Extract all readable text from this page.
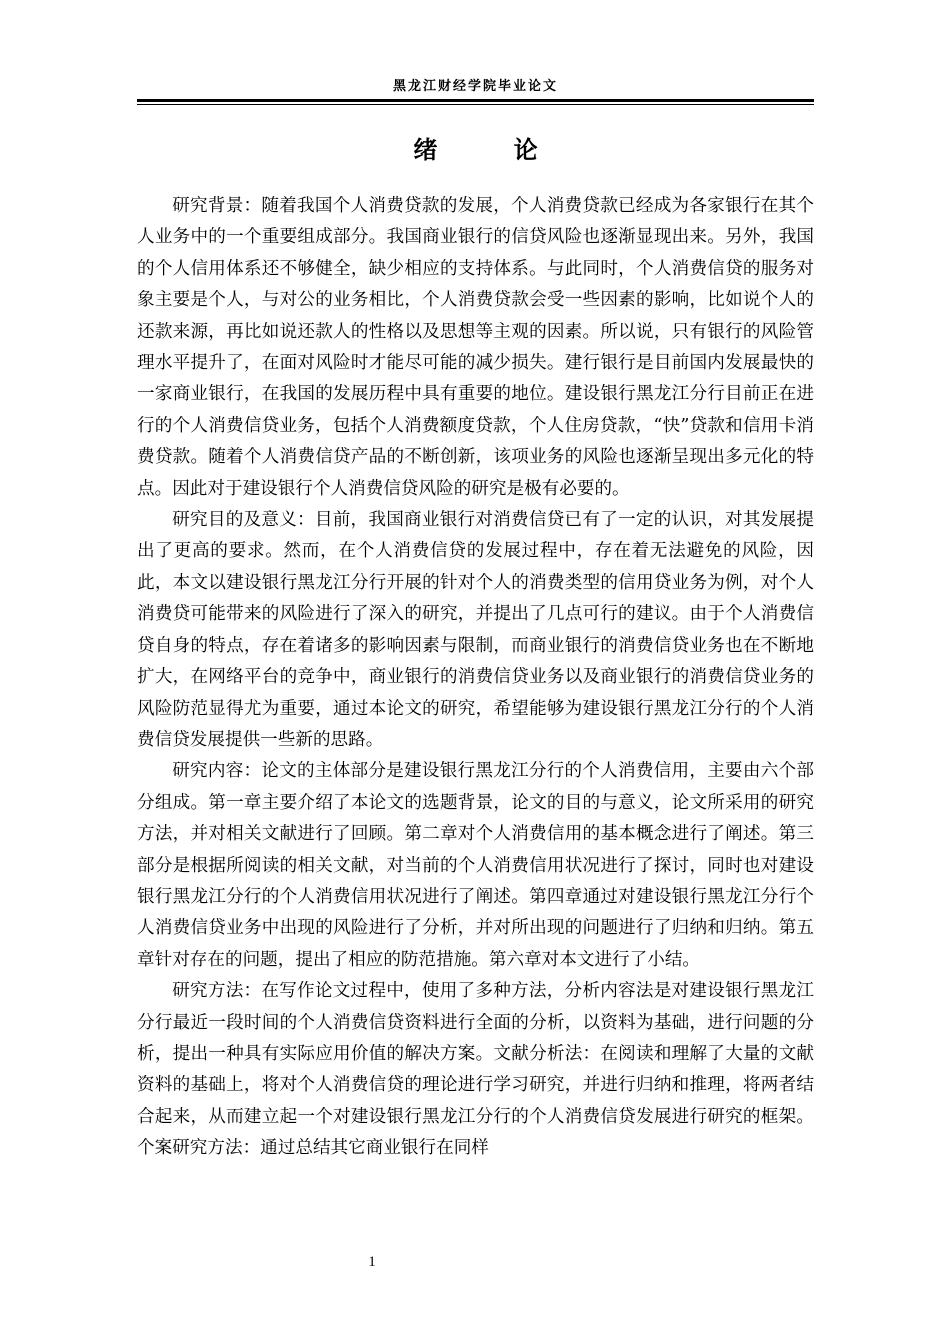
黑龙江财经学院毕业论文
绪 论

研究背景：随着我国个人消费贷款的发展，个人消费贷款已经成为各家银行在其个人业务中的一个重要组成部分。我国商业银行的信贷风险也逐渐显现出来。另外，我国的个人信用体系还不够健全，缺少相应的支持体系。与此同时，个人消费信贷的服务对象主要是个人，与对公的业务相比，个人消费贷款会受一些因素的影响，比如说个人的还款来源，再比如说还款人的性格以及思想等主观的因素。所以说，只有银行的风险管理水平提升了，在面对风险时才能尽可能的减少损失。建行银行是目前国内发展最快的一家商业银行，在我国的发展历程中具有重要的地位。建设银行黑龙江分行目前正在进行的个人消费信贷业务，包括个人消费额度贷款，个人住房贷款，“快”贷款和信用卡消费贷款。随着个人消费信贷产品的不断创新，该项业务的风险也逐渐呈现出多元化的特点。因此对于建设银行个人消费信贷风险的研究是极有必要的。

研究目的及意义：目前，我国商业银行对消费信贷已有了一定的认识，对其发展提出了更高的要求。然而，在个人消费信贷的发展过程中，存在着无法避免的风险，因此，本文以建设银行黑龙江分行开展的针对个人的消费类型的信用贷业务为例，对个人消费贷可能带来的风险进行了深入的研究，并提出了几点可行的建议。由于个人消费信贷自身的特点，存在着诸多的影响因素与限制，而商业银行的消费信贷业务也在不断地扩大，在网络平台的竞争中，商业银行的消费信贷业务以及商业银行的消费信贷业务的风险防范显得尤为重要，通过本论文的研究，希望能够为建设银行黑龙江分行的个人消费信贷发展提供一些新的思路。

研究内容：论文的主体部分是建设银行黑龙江分行的个人消费信用，主要由六个部分组成。第一章主要介绍了本论文的选题背景，论文的目的与意义，论文所采用的研究方法，并对相关文献进行了回顾。第二章对个人消费信用的基本概念进行了阐述。第三部分是根据所阅读的相关文献，对当前的个人消费信用状况进行了探讨，同时也对建设银行黑龙江分行的个人消费信用状况进行了阐述。第四章通过对建设银行黑龙江分行个人消费信贷业务中出现的风险进行了分析，并对所出现的问题进行了归纳和归纳。第五章针对存在的问题，提出了相应的防范措施。第六章对本文进行了小结。

研究方法：在写作论文过程中，使用了多种方法，分析内容法是对建设银行黑龙江分行最近一段时间的个人消费信贷资料进行全面的分析，以资料为基础，进行问题的分析，提出一种具有实际应用价值的解决方案。文献分析法：在阅读和理解了大量的文献资料的基础上，将对个人消费信贷的理论进行学习研究，并进行归纳和推理，将两者结合起来，从而建立起一个对建设银行黑龙江分行的个人消费信贷发展进行研究的框架。个案研究方法：通过总结其它商业银行在同样

1
